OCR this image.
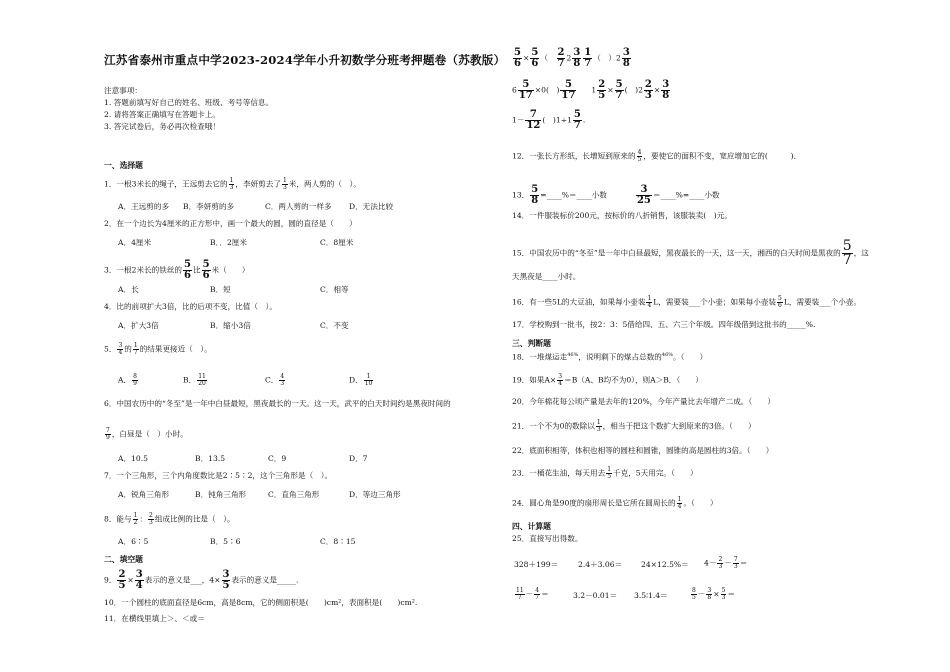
江苏省泰州市重点中学2023-2024学年小升初数学分班考押题卷（苏教版）
注意事项：
1. 答题前填写好自己的姓名、班级、考号等信息。
2. 请将答案正确填写在答题卡上。
3. 答完试卷后，务必再次检查哦！
一、选择题
1．一根3米长的绳子，王远剪去它的 $\frac{1}{3}$ ，李妍剪去了 $\frac{1}{3}$ 米，两人剪的（　）。
A．王远剪的多 B．李妍剪的多	C．两人剪的一样多 D．无法比较
2．在一个边长为4厘米的正方形中，画一个最大的圆，圆的直径是（　　）
A．4厘米	B．．2厘米	C．8厘米
3．一根2米长的铁丝的 $\frac{5}{6}$ 比 $\frac{5}{6}$ 米（　　）
A．长	B．短	C．相等
4．比的前项扩大3倍，比的后项不变，比值（　）。
A．扩大3倍	B．缩小3倍	C．不变
5． $\frac{3}{4}$ 的 $\frac{1}{7}$ 的结果更接近（　）。
A． $\frac{8}{9}$	B． $\frac{11}{20}$	C． $\frac{4}{3}$	D． $\frac{1}{10}$
6．中国农历中的“冬至”是一年中白昼最短，黑夜最长的一天。这一天，武平的白天时间约是黑夜时间的
$\frac{7}{9}$ ，白昼是（　）小时。
A．10.5	B．13.5	C．9	D．7
7．一个三角形，三个内角度数比是2∶5∶2，这个三角形是（　）。
A．锐角三角形	B．钝角三角形	C．直角三角形	D．等边三角形
8．能与 $\frac{1}{2}$ ： $\frac{2}{3}$ 组成比例的比是（　）。
A．6∶5	B．5∶6	C．8∶15
二、填空题
9． $\frac{2}{5} \times \frac{3}{4}$ 表示的意义是___，$4\times \frac{3}{5}$ 表示的意义是_____.
10．一个圆柱的底面直径是6cm，高是8cm，它的侧面积是(　　)cm²，表面积是(　　)cm².
11．在横线里填上＞、＜或＝
$\frac{5}{6} \times \frac{5}{6}$ （　 $\frac{2}{7} 2 \frac{3}{8} \frac{1}{7}$ （　）$2 \frac{3}{8}$
$6 \frac{5}{17} \times 0$(　) $\frac{5}{17} 1 \frac{2}{5} \times \frac{5}{7}$ (　)$2 \frac{2}{3} \times \frac{3}{8}$
$1- \frac{7}{12}$ (　)$1\div 1 \frac{5}{7}$ .
12．一张长方形纸，长增短到原来的 $\frac{4}{5}$ ，要使它的面积不变，宽应增加它的(　　　)．
13． $\frac{5}{8}$ =____%＝____小数	$\frac{3}{25}$ ＝____%=____小数
14．一件服装标价200元，按标价的八折销售，该服装卖(　)元。
15．中国农历中的“冬至”是一年中白昼最短，黑夜最长的一天，这一天，湘西的白天时间是黑夜的 $\frac{5}{7}$ ，这
天黑夜是____小时。
16．有一些5L的大豆油，如果每小壶装 $\frac{1}{4}$ L，需要装___个小壶；如果每小壶装 $\frac{5}{6}$ L，需要装___个小壶。
17．学校购到一批书，按2：3：5借给四、五、六三个年级。四年级借到这批书的_____%.
三、判断题
18．一堆煤运走$^{46\%}$，说明剩下的煤占总数的$^{46\%}$。（　　）
19．如果$A\times \frac{3}{4} =B(A$、B均不为0），则A＞B．（　　）
20．今年棉花每公顷产量是去年的120%，今年产量比去年增产二成。（　　）
21．一个不为0的数除以 $\frac{1}{3}$ ，相当于把这个数扩大到原来的3倍。（　　）
22．底面积相等，体积也相等的圆柱和圆锥，圆锥的高是圆柱的3倍。（　　）
23．一桶花生油，每天用去 $\frac{1}{5}$ 千克，5天用完。（　　）
24．圆心角是90度的扇形周长是它所在圆周长的 $\frac{1}{4}$ 。（　　）
四、计算题
25．直接写出得数。
328＋199＝	$2.4+3.06= 24\times 12.5\%= 4- \frac{2}{3} - \frac{7}{3}$ ＝
$\frac{11}{7} - \frac{4}{7}$ ＝	3.2－0.01＝ 3.5∶1.4＝	$\frac{8}{5} - \frac{3}{8} \times \frac{5}{3}$ ＝
